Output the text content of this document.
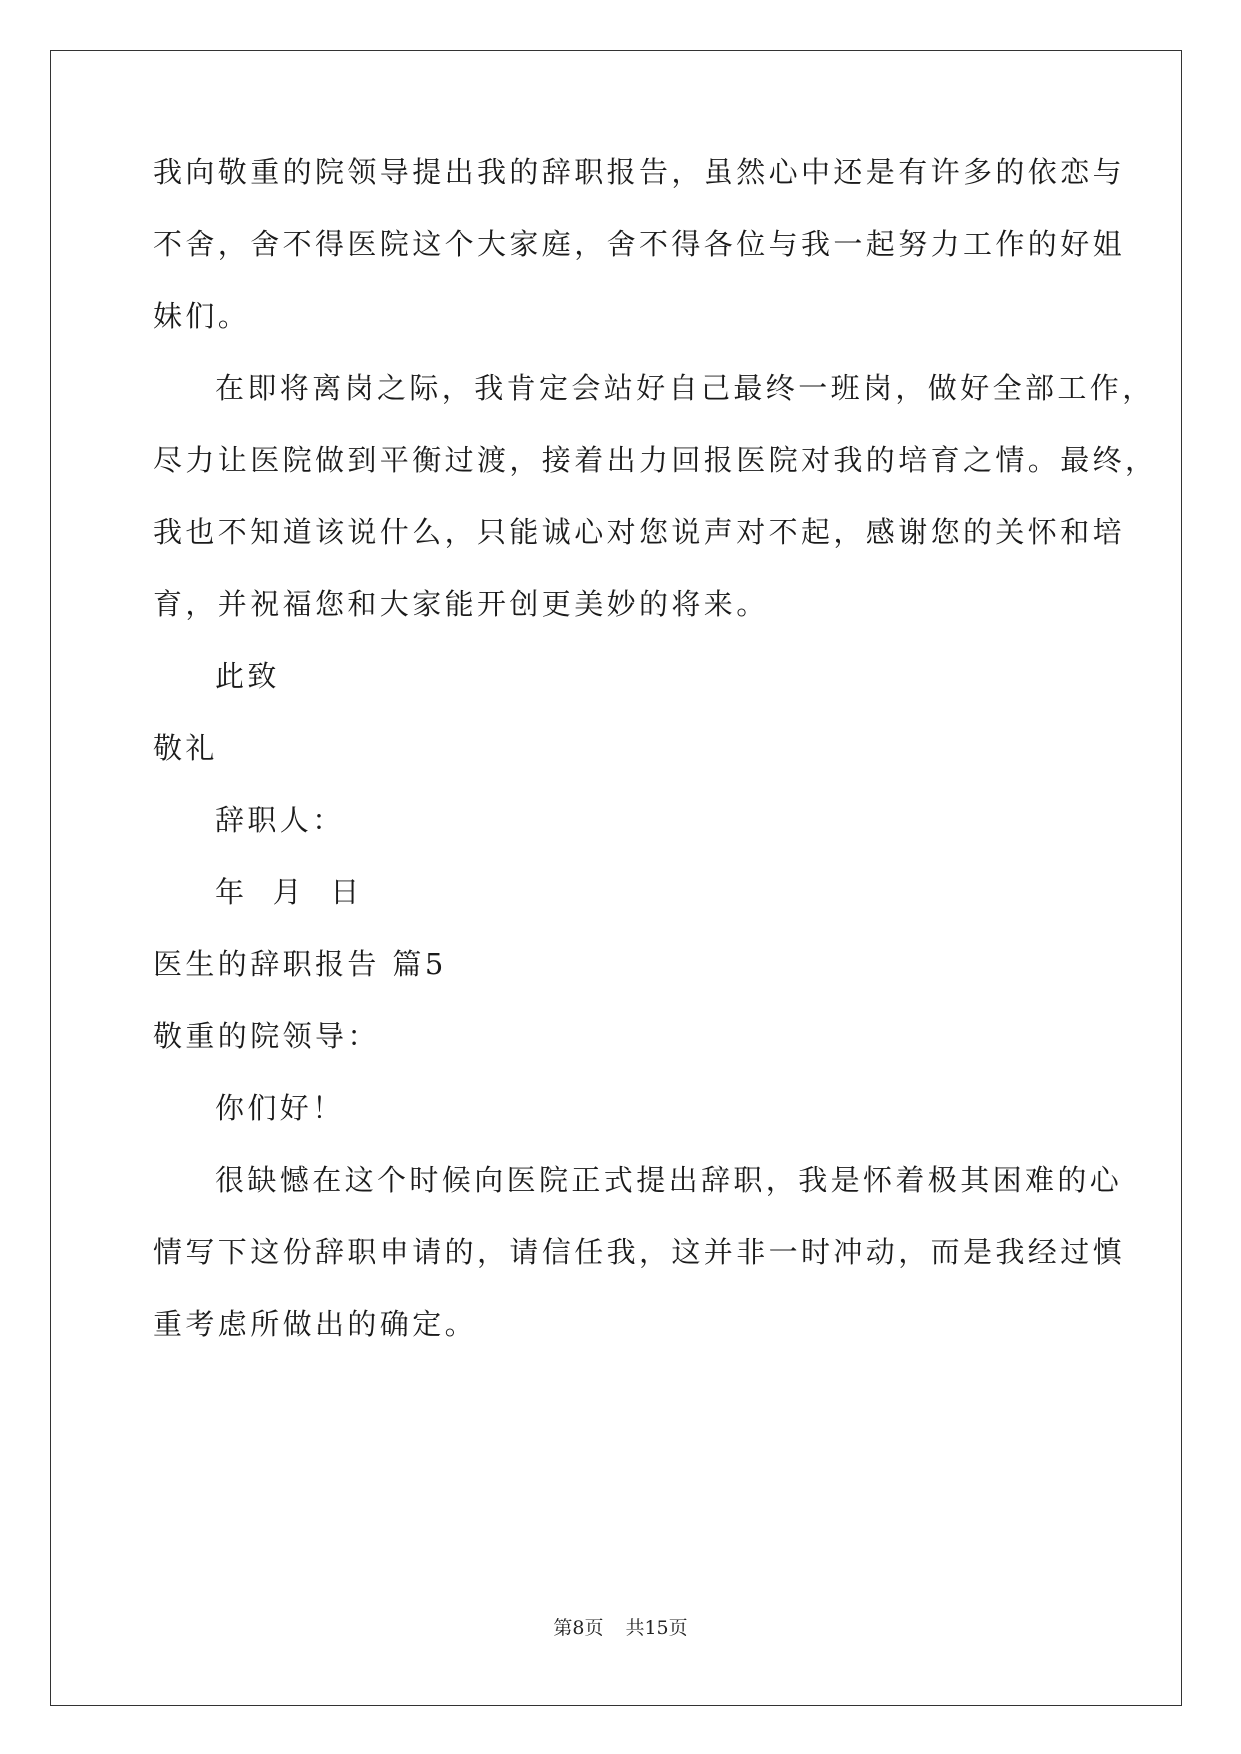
我向敬重的院领导提出我的辞职报告，虽然心中还是有许多的依恋与
不舍，舍不得医院这个大家庭，舍不得各位与我一起努力工作的好姐
妹们。
在即将离岗之际，我肯定会站好自己最终一班岗，做好全部工作，
尽力让医院做到平衡过渡，接着出力回报医院对我的培育之情。最终，
我也不知道该说什么，只能诚心对您说声对不起，感谢您的关怀和培
育，并祝福您和大家能开创更美妙的将来。
此致
敬礼
辞职人：
年  月  日
医生的辞职报告 篇5
敬重的院领导：
你们好！
很缺憾在这个时候向医院正式提出辞职，我是怀着极其困难的心
情写下这份辞职申请的，请信任我，这并非一时冲动，而是我经过慎
重考虑所做出的确定。
第8页 共15页
